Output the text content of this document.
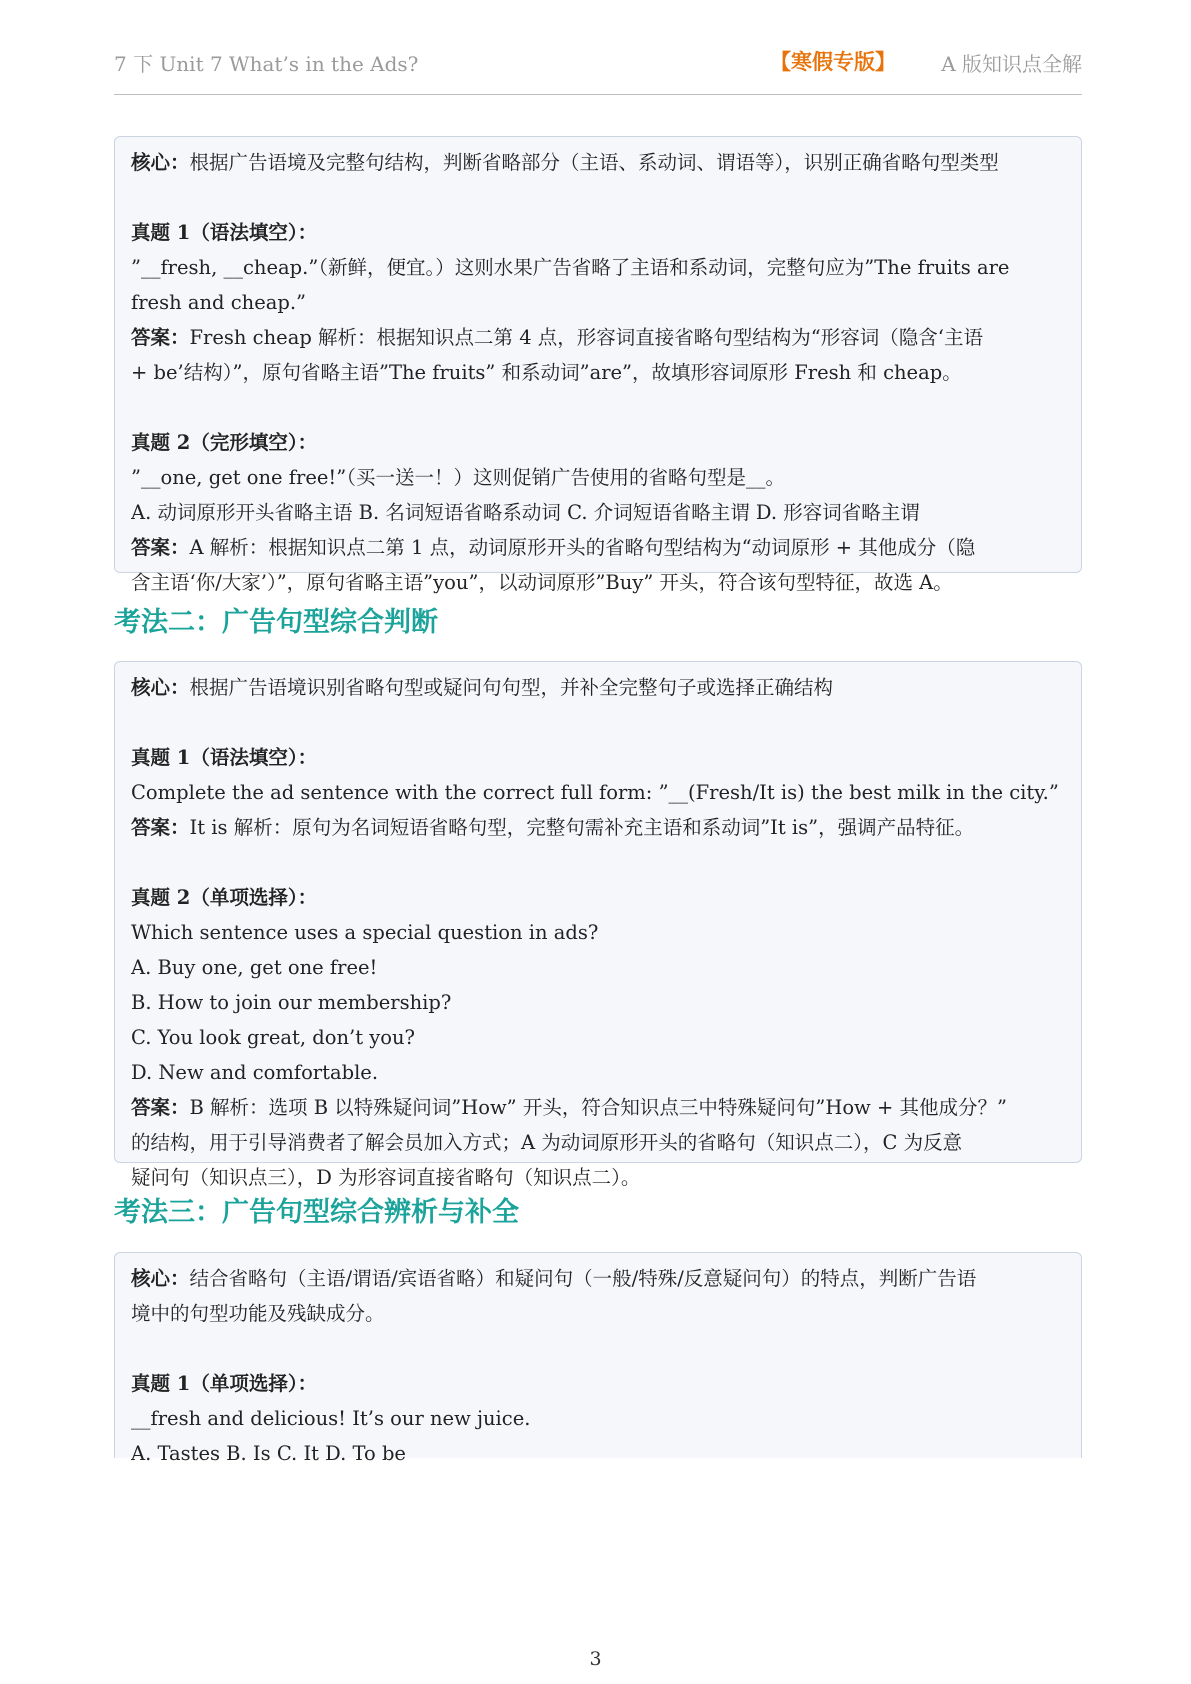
7 下 Unit 7 What’s in the Ads?	【寒假专版】 A 版知识点全解
核心：根据广告语境及完整句结构，判断省略部分（主语、系动词、谓语等），识别正确省略句型类型
真题 1（语法填空）：
”__fresh, __cheap.”（新鲜，便宜。）这则水果广告省略了主语和系动词，完整句应为”The fruits are
fresh and cheap.”
答案：Fresh cheap 解析：根据知识点二第 4 点，形容词直接省略句型结构为“形容词（隐含‘主语
+ be’结构）”，原句省略主语”The fruits” 和系动词”are”，故填形容词原形 Fresh 和 cheap。
真题 2（完形填空）：
”__one, get one free!”（买一送一！）这则促销广告使用的省略句型是__。
A. 动词原形开头省略主语 B. 名词短语省略系动词 C. 介词短语省略主谓 D. 形容词省略主谓
答案：A 解析：根据知识点二第 1 点，动词原形开头的省略句型结构为“动词原形 + 其他成分（隐
含主语‘你/大家’）”，原句省略主语”you”，以动词原形”Buy” 开头，符合该句型特征，故选 A。
考法二：广告句型综合判断
核心：根据广告语境识别省略句型或疑问句句型，并补全完整句子或选择正确结构
真题 1（语法填空）：
Complete the ad sentence with the correct full form: ”__(Fresh/It is) the best milk in the city.”
答案：It is 解析：原句为名词短语省略句型，完整句需补充主语和系动词”It is”，强调产品特征。
真题 2（单项选择）：
Which sentence uses a special question in ads?
A. Buy one, get one free!
B. How to join our membership?
C. You look great, don’t you?
D. New and comfortable.
答案：B 解析：选项 B 以特殊疑问词”How” 开头，符合知识点三中特殊疑问句”How + 其他成分？”
的结构，用于引导消费者了解会员加入方式；A 为动词原形开头的省略句（知识点二），C 为反意
疑问句（知识点三），D 为形容词直接省略句（知识点二）。
考法三：广告句型综合辨析与补全
核心：结合省略句（主语/谓语/宾语省略）和疑问句（一般/特殊/反意疑问句）的特点，判断广告语
境中的句型功能及残缺成分。
真题 1（单项选择）：
__fresh and delicious! It’s our new juice.
A. Tastes B. Is C. It D. To be
3
